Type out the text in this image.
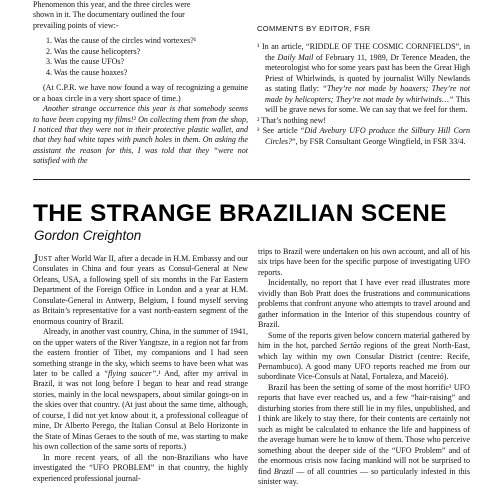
Phenomenon this year, and the three circles were

shown in it. The documentary outlined the four

prevailing points of view:-

1. Was the cause of the circles wind vortexes?¹

2. Was the cause helicopters?

3. Was the cause UFOs?

4. Was the cause hoaxes?

(At C.P.R. we have now found a way of recognizing a genuine or a hoax circle in a very short space of time.)

Another strange occurrence this year is that somebody seems to have been copying my films!² On collecting them from the shop, I noticed that they were not in their protective plastic wallet, and that they had white tapes with punch holes in them. On asking the assistant the reason for this, I was told that they “were not satisfied with the

COMMENTS BY EDITOR, FSR

¹ In an article, “RIDDLE OF THE COSMIC CORNFIELDS”, in the Daily Mail of February 11, 1989, Dr Terence Meaden, the meteorologist who for some years past has been the Great High Priest of Whirlwinds, is quoted by journalist Willy Newlands as stating flatly: “They’re not made by hoaxers; They’re not made by helicopters; They’re not made by whirlwinds…” This will be grave news for some. We can say that we feel for them.

² That’s nothing new!

³ See article “Did Avebury UFO produce the Silbury Hill Corn Circles?”, by FSR Consultant George Wingfield, in FSR 33/4.

THE STRANGE BRAZILIAN SCENE
Gordon Creighton

JUST after World War II, after a decade in H.M. Embassy and our Consulates in China and four years as Consul-General at New Orleans, USA, a following spell of six months in the Far Eastern Department of the Foreign Office in London and a year at H.M. Consulate-General in Antwerp, Belgium, I found myself serving as Britain’s representative for a vast north-eastern segment of the enormous country of Brazil.

Already, in another vast country, China, in the summer of 1941, on the upper waters of the River Yangtsze, in a region not far from the eastern frontier of Tibet, my companions and I had seen something strange in the sky, which seems to have been what was later to be called a “flying saucer”.¹ And, after my arrival in Brazil, it was not long before I began to hear and read strange stories, mainly in the local newspapers, about similar goings-on in the skies over that country. (At just about the same time, although, of course, I did not yet know about it, a professional colleague of mine, Dr Alberto Perego, the Italian Consul at Belo Horizonte in the State of Minas Geraes to the south of me, was starting to make his own collection of the same sorts of reports.)

In more recent years, of all the non-Brazilians who have investigated the “UFO PROBLEM” in that country, the highly experienced professional journal-

trips to Brazil were undertaken on his own account, and all of his six trips have been for the specific purpose of investigating UFO reports.

Incidentally, no report that I have ever read illustrates more vividly than Bob Pratt does the frustrations and communications problems that confront anyone who attempts to travel around and gather information in the Interior of this stupendous country of Brazil.

Some of the reports given below concern material gathered by him in the hot, parched Sertão regions of the great North-East, which lay within my own Consular District (centre: Recife, Pernambuco). A good many UFO reports reached me from our subordinate Vice-Consuls at Natal, Fortaleza, and Maceió).

Brazil has been the setting of some of the most horrific² UFO reports that have ever reached us, and a few “hair-raising” and disturbing stories from there still lie in my files, unpublished, and I think are likely to stay there, for their contents are certainly not such as might be calculated to enhance the life and happiness of the average human were he to know of them. Those who perceive something about the deeper side of the “UFO Problem” and of the enormous crisis now facing mankind will not be surprised to find Brazil — of all countries — so particularly infested in this sinister way.
